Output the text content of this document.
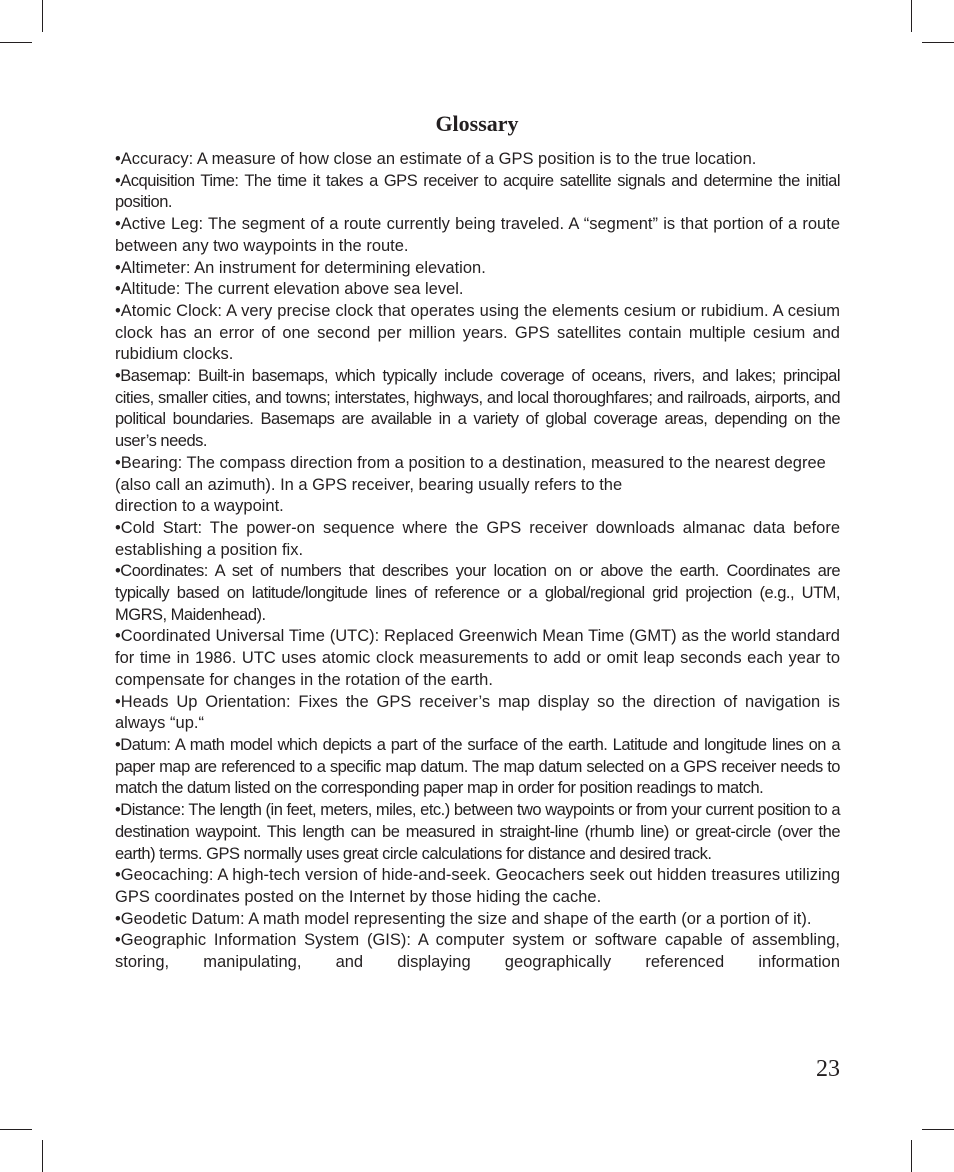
Glossary

•Accuracy: A measure of how close an estimate of a GPS position is to the true location.

•Acquisition Time: The time it takes a GPS receiver to acquire satellite signals and determine the initial position.

•Active Leg: The segment of a route currently being traveled. A “segment” is that portion of a route between any two waypoints in the route.

•Altimeter: An instrument for determining elevation.

•Altitude: The current elevation above sea level.

•Atomic Clock: A very precise clock that operates using the elements cesium or rubidium. A cesium clock has an error of one second per million years. GPS satellites contain multiple cesium and rubidium clocks.

•Basemap: Built-in basemaps, which typically include coverage of oceans, rivers, and lakes; principal cities, smaller cities, and towns; interstates, highways, and local thoroughfares; and railroads, airports, and political boundaries. Basemaps are available in a variety of global coverage areas, depending on the user’s needs.

•Bearing: The compass direction from a position to a destination, measured to the nearest degree (also call an azimuth). In a GPS receiver, bearing usually refers to the

direction to a waypoint.

•Cold Start: The power-on sequence where the GPS receiver downloads almanac data before establishing a position fix.

•Coordinates: A set of numbers that describes your location on or above the earth. Coordinates are typically based on latitude/longitude lines of reference or a global/regional grid projection (e.g., UTM, MGRS, Maidenhead).

•Coordinated Universal Time (UTC): Replaced Greenwich Mean Time (GMT) as the world standard for time in 1986. UTC uses atomic clock measurements to add or omit leap seconds each year to compensate for changes in the rotation of the earth.

•Heads Up Orientation: Fixes the GPS receiver’s map display so the direction of navigation is always “up.“

•Datum: A math model which depicts a part of the surface of the earth. Latitude and longitude lines on a paper map are referenced to a specific map datum. The map datum selected on a GPS receiver needs to match the datum listed on the corresponding paper map in order for position readings to match.

•Distance: The length (in feet, meters, miles, etc.) between two waypoints or from your current position to a destination waypoint. This length can be measured in straight-line (rhumb line) or great-circle (over the earth) terms. GPS normally uses great circle calculations for distance and desired track.

•Geocaching: A high-tech version of hide-and-seek. Geocachers seek out hidden treasures utilizing GPS coordinates posted on the Internet by those hiding the cache.

•Geodetic Datum: A math model representing the size and shape of the earth (or a portion of it).

•Geographic Information System (GIS): A computer system or software capable of assembling, storing, manipulating, and displaying geographically referenced information

23
